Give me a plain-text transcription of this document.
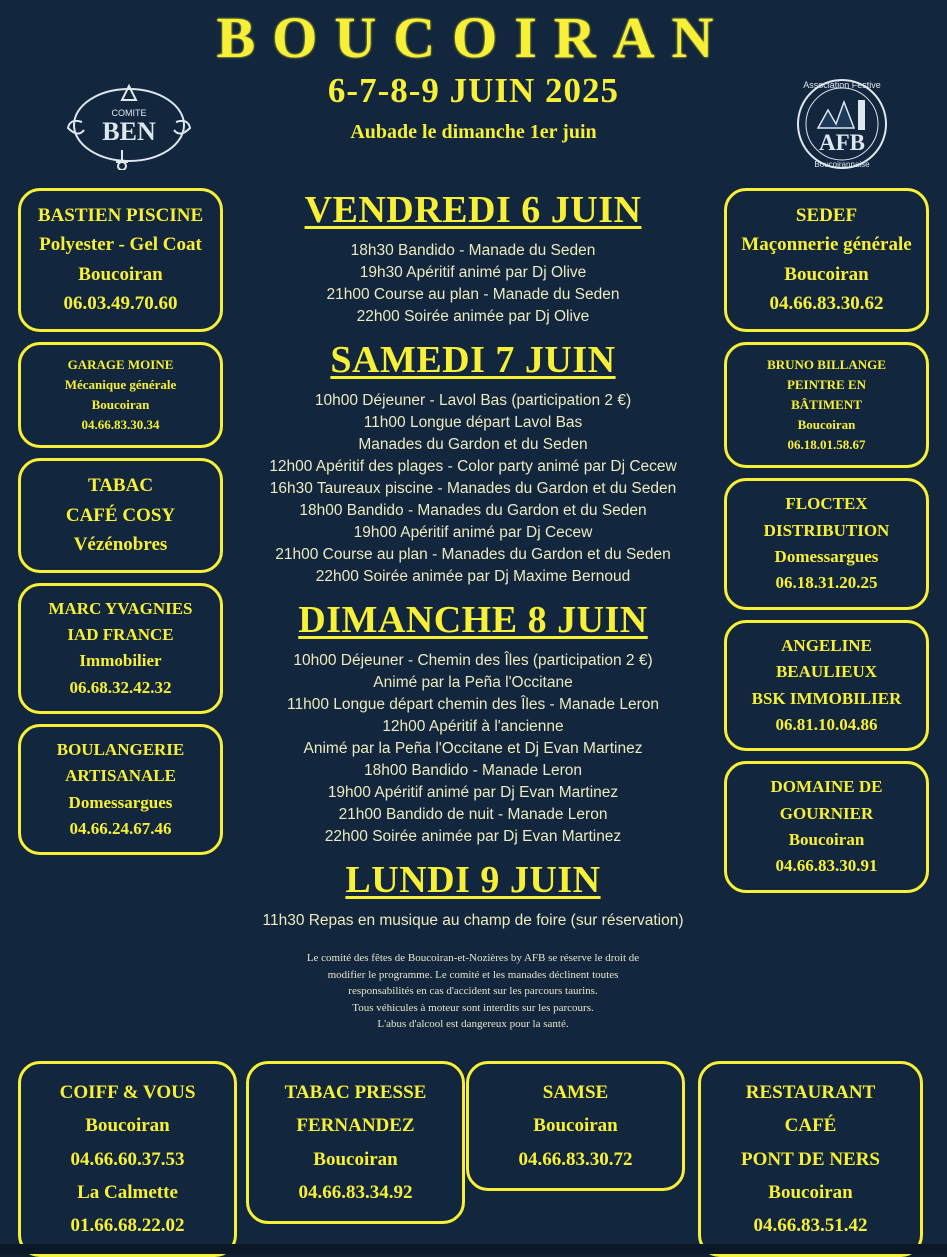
BOUCOIRAN
6-7-8-9 JUIN 2025
Aubade le dimanche 1er juin
COMITE
BEN	AFB
Association Festive
Boucoirannaise
BASTIEN PISCINE
Polyester - Gel Coat
Boucoiran
06.03.49.70.60
GARAGE MOINE
Mécanique générale
Boucoiran
04.66.83.30.34
TABAC
CAFÉ COSY
Vézénobres
MARC YVAGNIES
IAD FRANCE
Immobilier
06.68.32.42.32
BOULANGERIE
ARTISANALE
Domessargues
04.66.24.67.46
VENDREDI 6 JUIN
18h30 Bandido - Manade du Seden
19h30 Apéritif animé par Dj Olive
21h00 Course au plan - Manade du Seden
22h00 Soirée animée par Dj Olive
SAMEDI 7 JUIN
10h00 Déjeuner - Lavol Bas (participation 2 €)
11h00 Longue départ Lavol Bas
Manades du Gardon et du Seden
12h00 Apéritif des plages - Color party animé par Dj Cecew
16h30 Taureaux piscine - Manades du Gardon et du Seden
18h00 Bandido - Manades du Gardon et du Seden
19h00 Apéritif animé par Dj Cecew
21h00 Course au plan - Manades du Gardon et du Seden
22h00 Soirée animée par Dj Maxime Bernoud
DIMANCHE 8 JUIN
10h00 Déjeuner - Chemin des Îles (participation 2 €)
Animé par la Peña l'Occitane
11h00 Longue départ chemin des Îles - Manade Leron
12h00 Apéritif à l'ancienne
Animé par la Peña l'Occitane et Dj Evan Martinez
18h00 Bandido - Manade Leron
19h00 Apéritif animé par Dj Evan Martinez
21h00 Bandido de nuit - Manade Leron
22h00 Soirée animée par Dj Evan Martinez
LUNDI 9 JUIN
11h30 Repas en musique au champ de foire (sur réservation)
Le comité des fêtes de Boucoiran-et-Nozières by AFB se réserve le droit de
modifier le programme. Le comité et les manades déclinent toutes
responsabilités en cas d'accident sur les parcours taurins.
Tous véhicules à moteur sont interdits sur les parcours.
L'abus d'alcool est dangereux pour la santé.
SEDEF
Maçonnerie générale
Boucoiran
04.66.83.30.62
BRUNO BILLANGE
PEINTRE EN
BÂTIMENT
Boucoiran
06.18.01.58.67
FLOCTEX
DISTRIBUTION
Domessargues
06.18.31.20.25
ANGELINE
BEAULIEUX
BSK IMMOBILIER
06.81.10.04.86
DOMAINE DE
GOURNIER
Boucoiran
04.66.83.30.91
COIFF & VOUS
Boucoiran
04.66.60.37.53
La Calmette
01.66.68.22.02
TABAC PRESSE
FERNANDEZ
Boucoiran
04.66.83.34.92
SAMSE
Boucoiran
04.66.83.30.72
RESTAURANT
CAFÉ
PONT DE NERS
Boucoiran
04.66.83.51.42
